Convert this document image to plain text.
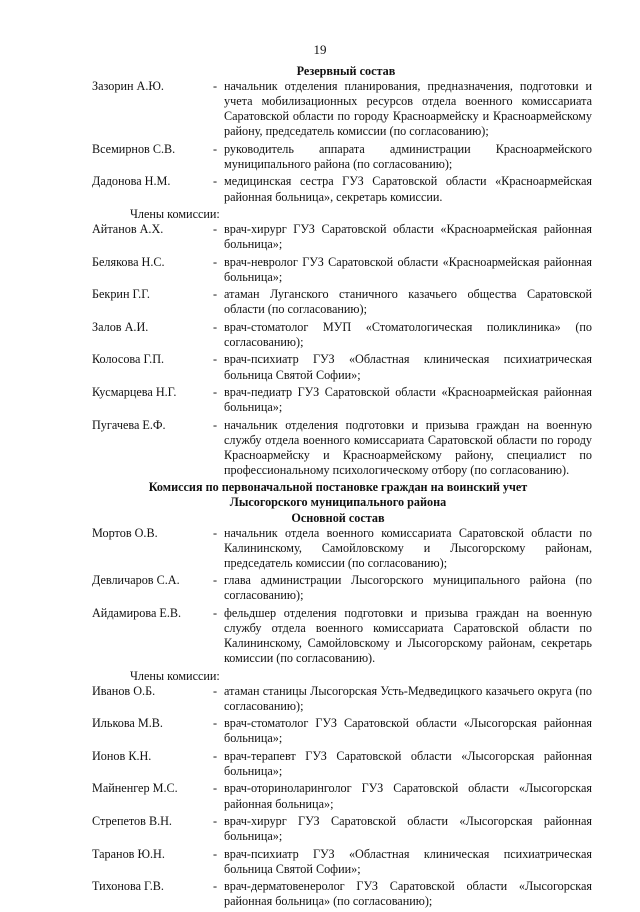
19
Резервный состав
Зазорин А.Ю.	- начальник отделения планирования, предназначения, подготовки и учета мобилизационных ресурсов отдела военного комиссариата Саратовской области по городу Красноармейску и Красноармейскому району, председатель комиссии (по согласованию);
Всемирнов С.В.	- руководитель аппарата администрации Красноармейского муниципального района (по согласованию);
Дадонова Н.М.	- медицинская сестра ГУЗ Саратовской области «Красноармейская районная больница», секретарь комиссии.
Члены комиссии:
Айтанов А.Х.	- врач-хирург ГУЗ Саратовской области «Красноармейская районная больница»;
Белякова Н.С.	- врач-невролог ГУЗ Саратовской области «Красноармейская районная больница»;
Бекрин Г.Г.	- атаман Луганского станичного казачьего общества Саратовской области (по согласованию);
Залов А.И.	- врач-стоматолог МУП «Стоматологическая поликлиника» (по согласованию);
Колосова Г.П.	- врач-психиатр ГУЗ «Областная клиническая психиатрическая больница Святой Софии»;
Кусмарцева Н.Г.	- врач-педиатр ГУЗ Саратовской области «Красноармейская районная больница»;
Пугачева Е.Ф.	- начальник отделения подготовки и призыва граждан на военную службу отдела военного комиссариата Саратовской области по городу Красноармейску и Красноармейскому району, специалист по профессиональному психологическому отбору (по согласованию).
Комиссия по первоначальной постановке граждан на воинский учет
Лысогорского муниципального района
Основной состав
Мортов О.В.	- начальник отдела военного комиссариата Саратовской области по Калининскому, Самойловскому и Лысогорскому районам, председатель комиссии (по согласованию);
Девличаров С.А.	- глава администрации Лысогорского муниципального района (по согласованию);
Айдамирова Е.В.	- фельдшер отделения подготовки и призыва граждан на военную службу отдела военного комиссариата Саратовской области по Калининскому, Самойловскому и Лысогорскому районам, секретарь комиссии (по согласованию).
Члены комиссии:
Иванов О.Б.	- атаман станицы Лысогорская Усть-Медведицкого казачьего округа (по согласованию);
Илькова М.В.	- врач-стоматолог ГУЗ Саратовской области «Лысогорская районная больница»;
Ионов К.Н.	- врач-терапевт ГУЗ Саратовской области «Лысогорская районная больница»;
Майненгер М.С.	- врач-оториноларинголог ГУЗ Саратовской области «Лысогорская районная больница»;
Стрепетов В.Н.	- врач-хирург ГУЗ Саратовской области «Лысогорская районная больница»;
Таранов Ю.Н.	- врач-психиатр ГУЗ «Областная клиническая психиатрическая больница Святой Софии»;
Тихонова Г.В.	- врач-дерматовенеролог ГУЗ Саратовской области «Лысогорская районная больница» (по согласованию);
